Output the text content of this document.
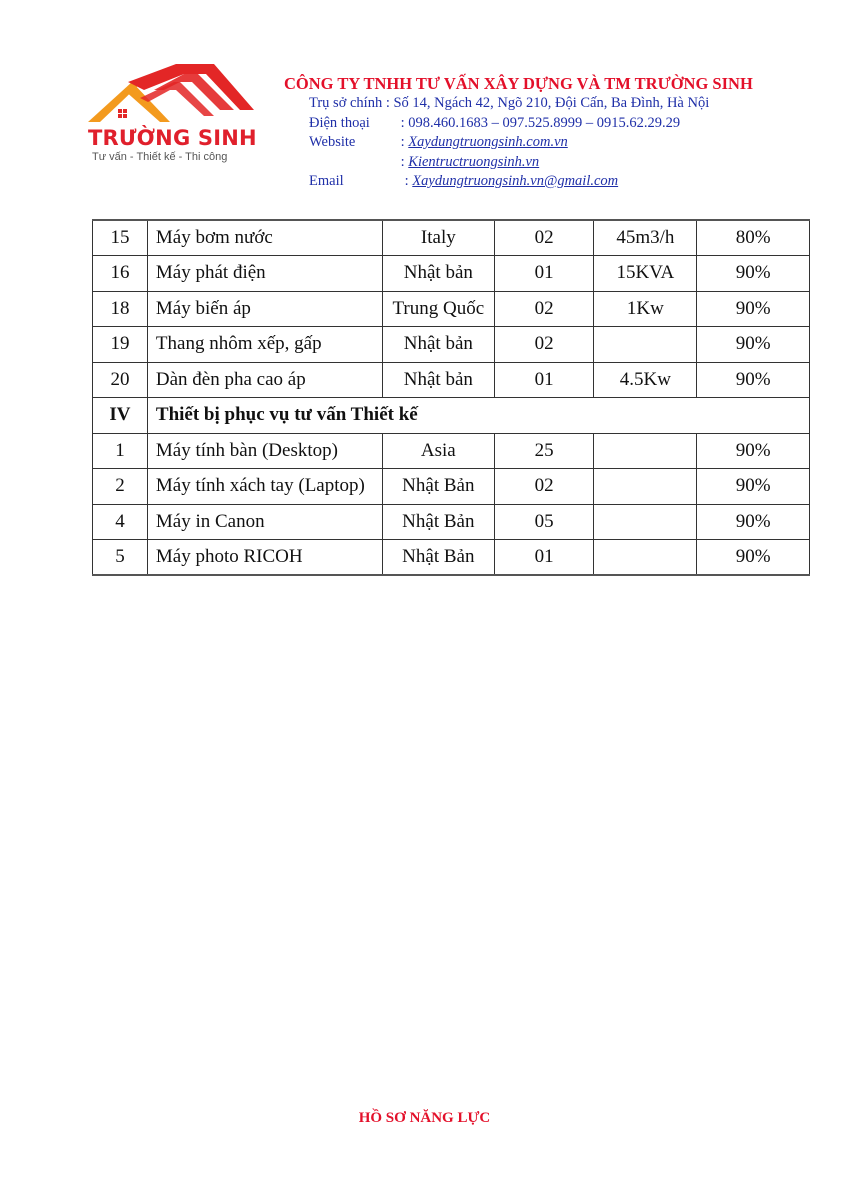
TRƯỜNG SINH
Tư vấn - Thiết kế - Thi công
CÔNG TY TNHH TƯ VẤN XÂY DỰNG VÀ TM TRƯỜNG SINH
Trụ sở chính : Số 14, Ngách 42, Ngõ 210, Đội Cấn, Ba Đình, Hà Nội
Điện thoại : 098.460.1683 – 097.525.8999 – 0915.62.29.29
Website	: Xaydungtruongsinh.com.vn
: Kientructruongsinh.vn
Email	: Xaydungtruongsinh.vn@gmail.com
15	Máy bơm nước	Italy	02	45m3/h	80%
16	Máy phát điện	Nhật bản	01	15KVA	90%
18	Máy biến áp	Trung Quốc	02	1Kw	90%
19	Thang nhôm xếp, gấp	Nhật bản	02		90%
20	Dàn đèn pha cao áp	Nhật bản	01	4.5Kw	90%
IV	Thiết bị phục vụ tư vấn Thiết kế				
1	Máy tính bàn (Desktop)	Asia	25		90%
2	Máy tính xách tay (Laptop)	Nhật Bản	02		90%
4	Máy in Canon	Nhật Bản	05		90%
5	Máy photo RICOH	Nhật Bản	01		90%
HỒ SƠ NĂNG LỰC
